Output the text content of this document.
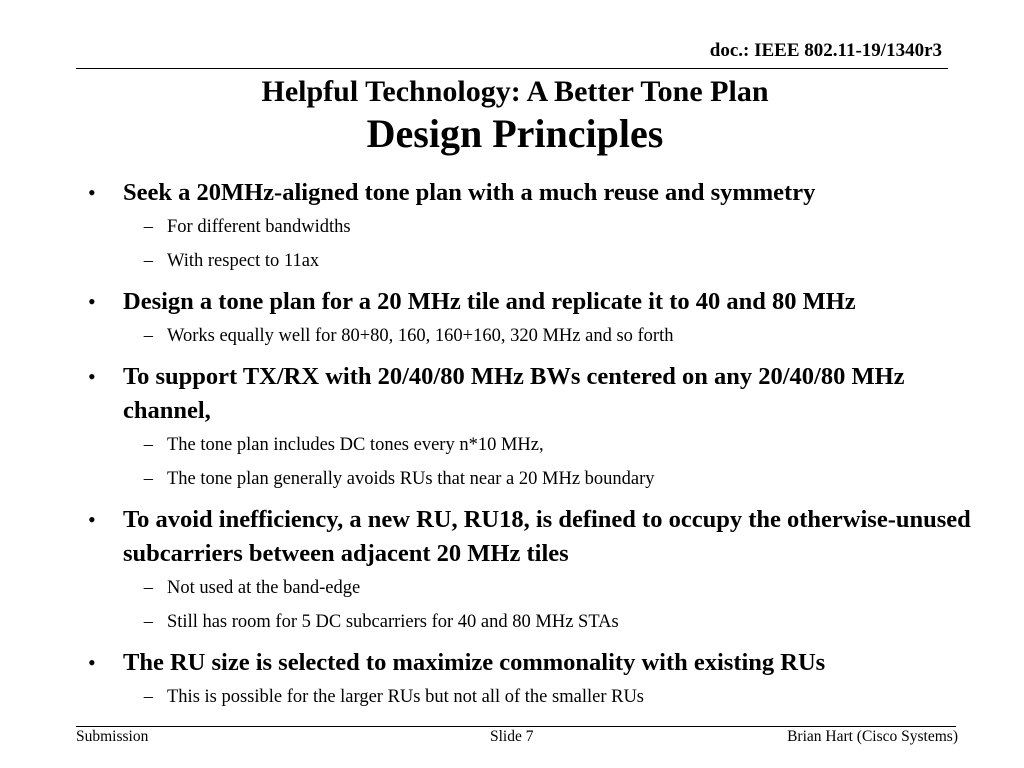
doc.: IEEE 802.11-19/1340r3
Helpful Technology: A Better Tone Plan
Design Principles
• Seek a 20MHz-aligned tone plan with a much reuse and symmetry
– For different bandwidths
– With respect to 11ax
• Design a tone plan for a 20 MHz tile and replicate it to 40 and 80 MHz
– Works equally well for 80+80, 160, 160+160, 320 MHz and so forth
• To support TX/RX with 20/40/80 MHz BWs centered on any 20/40/80 MHz channel,
– The tone plan includes DC tones every n*10 MHz,
– The tone plan generally avoids RUs that near a 20 MHz boundary
• To avoid inefficiency, a new RU, RU18, is defined to occupy the otherwise-unused subcarriers between adjacent 20 MHz tiles
– Not used at the band-edge
– Still has room for 5 DC subcarriers for 40 and 80 MHz STAs
• The RU size is selected to maximize commonality with existing RUs
– This is possible for the larger RUs but not all of the smaller RUs
Submission	Slide 7	Brian Hart (Cisco Systems)
